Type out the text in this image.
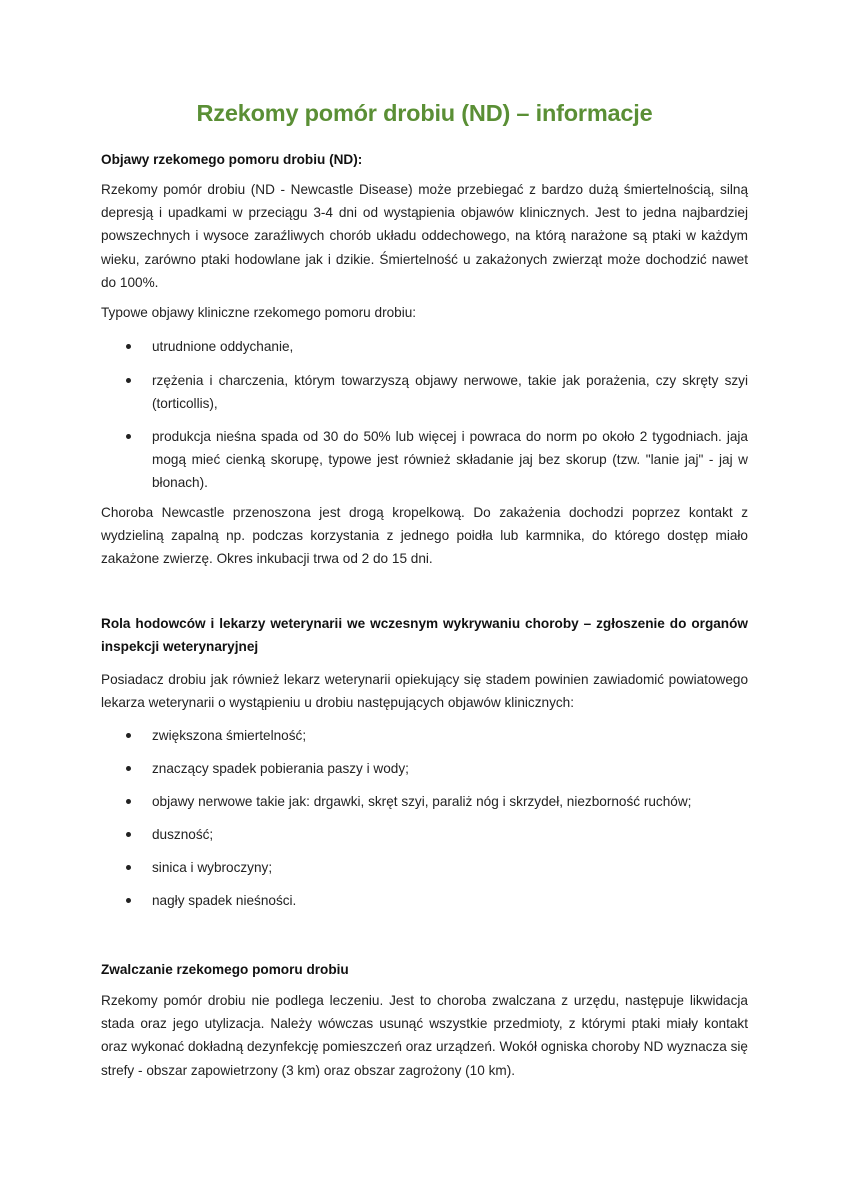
Rzekomy pomór drobiu (ND) – informacje

Objawy rzekomego pomoru drobiu (ND):

Rzekomy pomór drobiu (ND - Newcastle Disease) może przebiegać z bardzo dużą śmiertelnością, silną depresją i upadkami w przeciągu 3-4 dni od wystąpienia objawów klinicznych. Jest to jedna najbardziej powszechnych i wysoce zaraźliwych chorób układu oddechowego, na którą narażone są ptaki w każdym wieku, zarówno ptaki hodowlane jak i dzikie. Śmiertelność u zakażonych zwierząt może dochodzić nawet do 100%.

Typowe objawy kliniczne rzekomego pomoru drobiu:

utrudnione oddychanie,
rzężenia i charczenia, którym towarzyszą objawy nerwowe, takie jak porażenia, czy skręty szyi (torticollis),
produkcja nieśna spada od 30 do 50% lub więcej i powraca do norm po około 2 tygodniach. jaja mogą mieć cienką skorupę, typowe jest również składanie jaj bez skorup (tzw. "lanie jaj" - jaj w błonach).

Choroba Newcastle przenoszona jest drogą kropelkową. Do zakażenia dochodzi poprzez kontakt z wydzieliną zapalną np. podczas korzystania z jednego poidła lub karmnika, do którego dostęp miało zakażone zwierzę. Okres inkubacji trwa od 2 do 15 dni.

Rola hodowców i lekarzy weterynarii we wczesnym wykrywaniu choroby – zgłoszenie do organów inspekcji weterynaryjnej

Posiadacz drobiu jak również lekarz weterynarii opiekujący się stadem powinien zawiadomić powiatowego lekarza weterynarii o wystąpieniu u drobiu następujących objawów klinicznych:

zwiększona śmiertelność;
znaczący spadek pobierania paszy i wody;
objawy nerwowe takie jak: drgawki, skręt szyi, paraliż nóg i skrzydeł, niezborność ruchów;
duszność;
sinica i wybroczyny;
nagły spadek nieśności.

Zwalczanie rzekomego pomoru drobiu

Rzekomy pomór drobiu nie podlega leczeniu. Jest to choroba zwalczana z urzędu, następuje likwidacja stada oraz jego utylizacja. Należy wówczas usunąć wszystkie przedmioty, z którymi ptaki miały kontakt oraz wykonać dokładną dezynfekcję pomieszczeń oraz urządzeń. Wokół ogniska choroby ND wyznacza się strefy - obszar zapowietrzony (3 km) oraz obszar zagrożony (10 km).
